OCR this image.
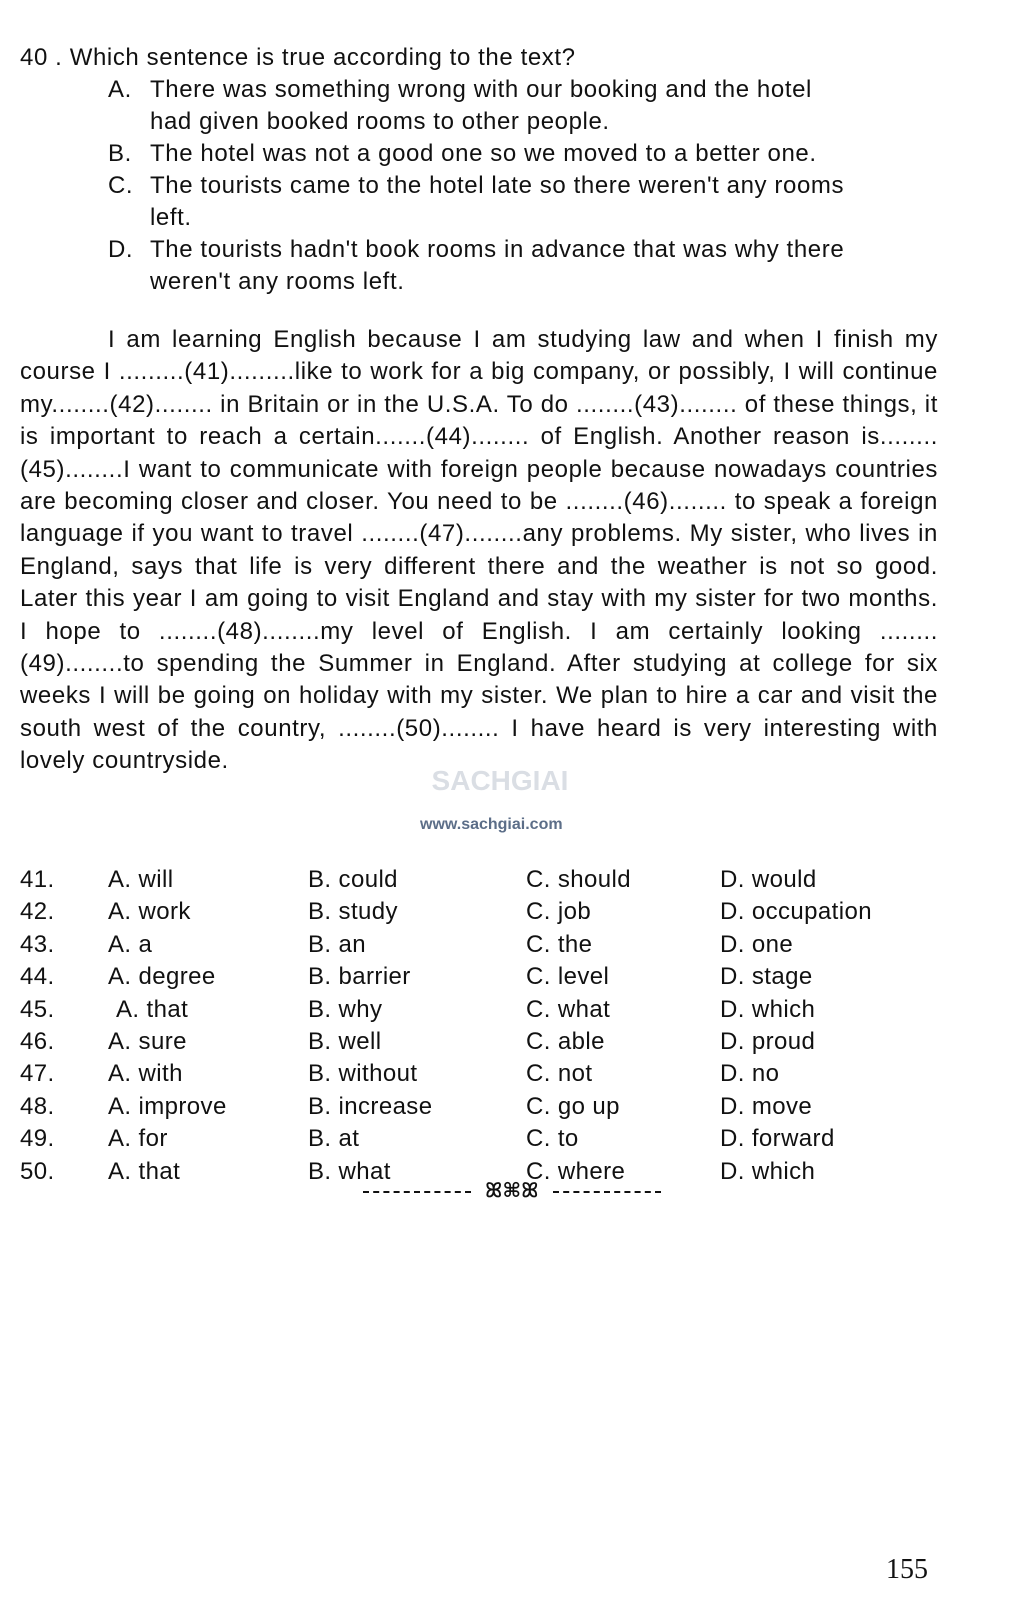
40 . Which sentence is true according to the text?
A. There was something wrong with our booking and the hotel
had given booked rooms to other people.
B. The hotel was not a good one so we moved to a better one.
C. The tourists came to the hotel late so there weren't any rooms
left.
D. The tourists hadn't book rooms in advance that was why there
weren't any rooms left.

I am learning English because I am studying law and when I finish my course I .........(41).........like to work for a big company, or possibly, I will continue my........(42)........ in Britain or in the U.S.A. To do ........(43)........ of these things, it is important to reach a certain.......(44)........ of English. Another reason is........(45)........I want to communicate with foreign people because nowadays countries are becoming closer and closer. You need to be ........(46)........ to speak a foreign language if you want to travel ........(47)........any problems. My sister, who lives in England, says that life is very different there and the weather is not so good. Later this year I am going to visit England and stay with my sister for two months. I hope to ........(48)........my level of English. I am certainly looking ........(49)........to spending the Summer in England. After studying at college for six weeks I will be going on holiday with my sister. We plan to hire a car and visit the south west of the country, ........(50)........ I have heard is very interesting with lovely countryside.

SACHGIAI
www.sachgiai.com
41. A. will	B. could	C. should	D. would
42. A. work	B. study	C. job	D. occupation
43. A. a	B. an	C. the	D. one
44. A. degree	B. barrier	C. level	D. stage
45.	A. that	B. why	C. what	D. which
46. A. sure	B. well	C. able	D. proud
47. A. with	B. without	C. not	D. no
48. A. improve	B. increase	C. go up	D. move
49. A. for	B. at	C. to	D. forward
50. A. that	B. what	C. where	D. which
ꕤ⌘ꕤ
155
